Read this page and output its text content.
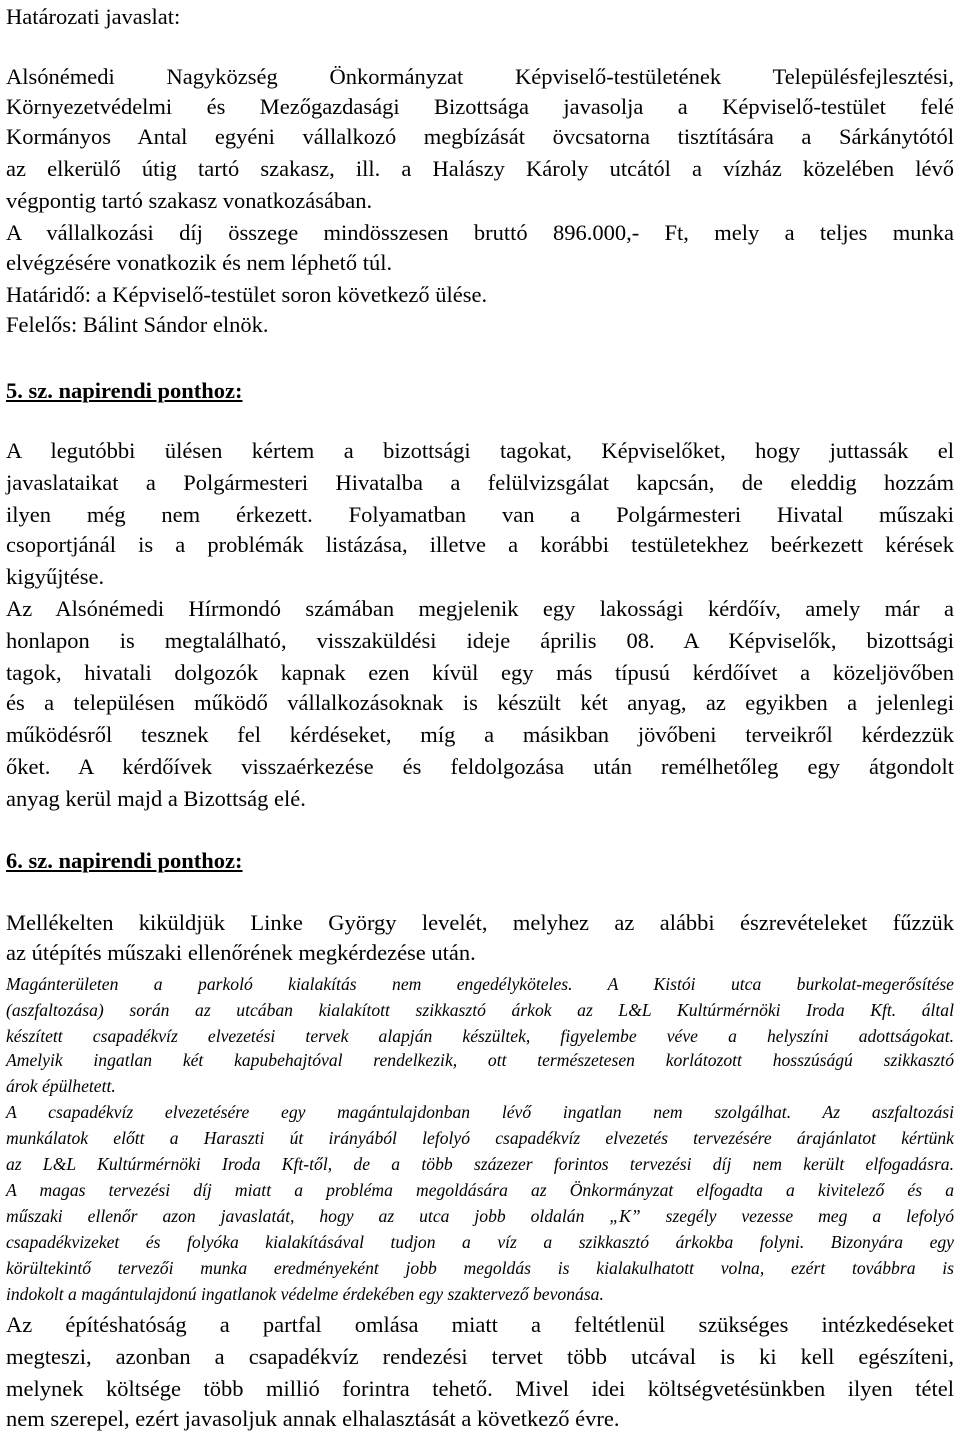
Határozati javaslat:
Alsónémedi Nagyközség Önkormányzat Képviselő-testületének Településfejlesztési,
Környezetvédelmi és Mezőgazdasági Bizottsága javasolja a Képviselő-testület felé
Kormányos Antal egyéni vállalkozó megbízását övcsatorna tisztítására a Sárkánytótól
az elkerülő útig tartó szakasz, ill. a Halászy Károly utcától a vízház közelében lévő
végpontig tartó szakasz vonatkozásában.
A vállalkozási díj összege mindösszesen bruttó 896.000,- Ft, mely a teljes munka
elvégzésére vonatkozik és nem léphető túl.
Határidő: a Képviselő-testület soron következő ülése.
Felelős: Bálint Sándor elnök.
5. sz. napirendi ponthoz:
A legutóbbi ülésen kértem a bizottsági tagokat, Képviselőket, hogy juttassák el
javaslataikat a Polgármesteri Hivatalba a felülvizsgálat kapcsán, de eleddig hozzám
ilyen még nem érkezett. Folyamatban van a Polgármesteri Hivatal műszaki
csoportjánál is a problémák listázása, illetve a korábbi testületekhez beérkezett kérések
kigyűjtése.
Az Alsónémedi Hírmondó számában megjelenik egy lakossági kérdőív, amely már a
honlapon is megtalálható, visszaküldési ideje április 08. A Képviselők, bizottsági
tagok, hivatali dolgozók kapnak ezen kívül egy más típusú kérdőívet a közeljövőben
és a településen működő vállalkozásoknak is készült két anyag, az egyikben a jelenlegi
működésről tesznek fel kérdéseket, míg a másikban jövőbeni terveikről kérdezzük
őket. A kérdőívek visszaérkezése és feldolgozása után remélhetőleg egy átgondolt
anyag kerül majd a Bizottság elé.
6. sz. napirendi ponthoz:
Mellékelten kiküldjük Linke György levelét, melyhez az alábbi észrevételeket fűzzük
az útépítés műszaki ellenőrének megkérdezése után.
Magánterületen a parkoló kialakítás nem engedélyköteles. A Kistói utca burkolat-megerősítése
(aszfaltozása) során az utcában kialakított szikkasztó árkok az L&L Kultúrmérnöki Iroda Kft. által
készített csapadékvíz elvezetési tervek alapján készültek, figyelembe véve a helyszíni adottságokat.
Amelyik ingatlan két kapubehajtóval rendelkezik, ott természetesen korlátozott hosszúságú szikkasztó
árok épülhetett.
A csapadékvíz elvezetésére egy magántulajdonban lévő ingatlan nem szolgálhat. Az aszfaltozási
munkálatok előtt a Haraszti út irányából lefolyó csapadékvíz elvezetés tervezésére árajánlatot kértünk
az L&L Kultúrmérnöki Iroda Kft-től, de a több százezer forintos tervezési díj nem került elfogadásra.
A magas tervezési díj miatt a probléma megoldására az Önkormányzat elfogadta a kivitelező és a
műszaki ellenőr azon javaslatát, hogy az utca jobb oldalán „K” szegély vezesse meg a lefolyó
csapadékvizeket és folyóka kialakításával tudjon a víz a szikkasztó árkokba folyni. Bizonyára egy
körültekintő tervezői munka eredményeként jobb megoldás is kialakulhatott volna, ezért továbbra is
indokolt a magántulajdonú ingatlanok védelme érdekében egy szaktervező bevonása.
Az építéshatóság a partfal omlása miatt a feltétlenül szükséges intézkedéseket
megteszi, azonban a csapadékvíz rendezési tervet több utcával is ki kell egészíteni,
melynek költsége több millió forintra tehető. Mivel idei költségvetésünkben ilyen tétel
nem szerepel, ezért javasoljuk annak elhalasztását a következő évre.
